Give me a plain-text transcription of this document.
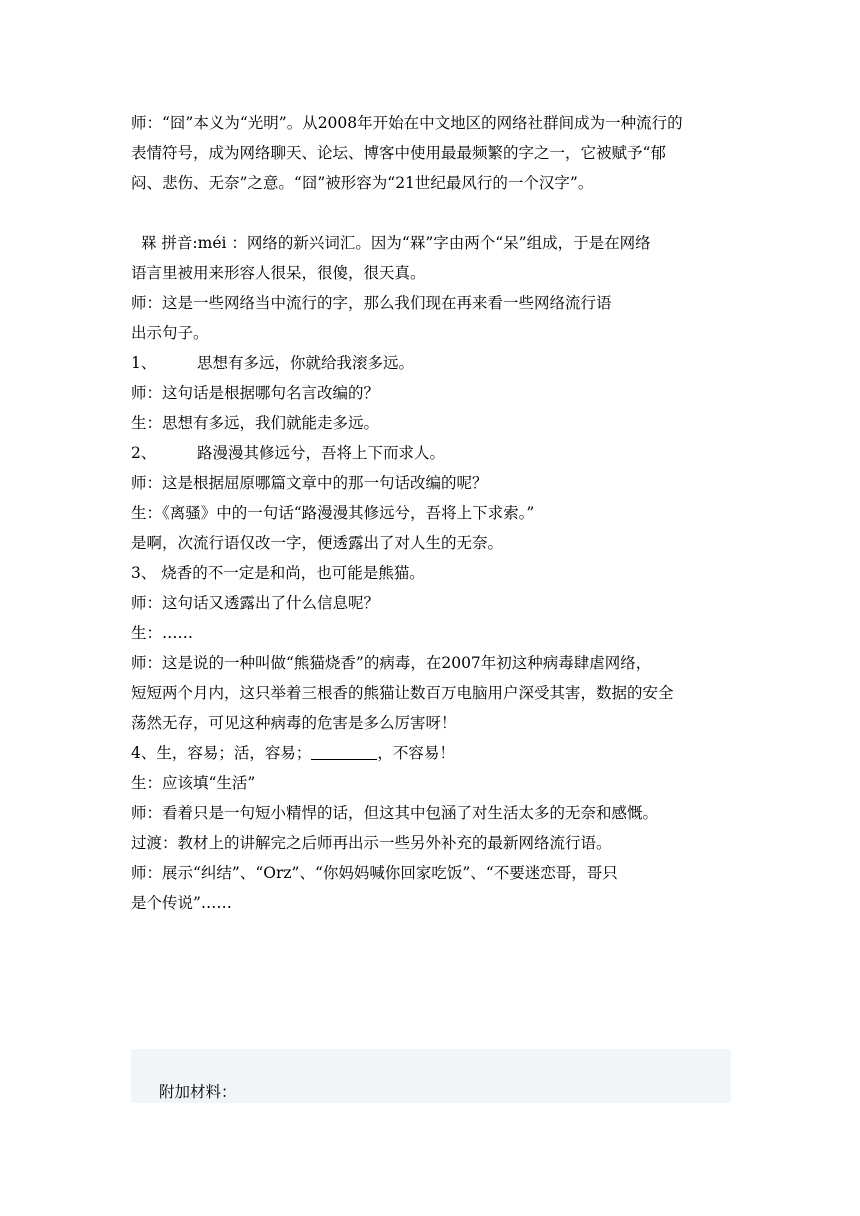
师：“囧”本义为“光明”。从2008年开始在中文地区的网络社群间成为一种流行的
表情符号，成为网络聊天、论坛、博客中使用最最频繁的字之一，它被赋予“郁
闷、悲伤、无奈”之意。“囧”被形容为“21世纪最风行的一个汉字”。
槑 拼音:méi ：网络的新兴词汇。因为“槑”字由两个“呆”组成，于是在网络
语言里被用来形容人很呆，很傻，很天真。
师：这是一些网络当中流行的字，那么我们现在再来看一些网络流行语
出示句子。
1、	思想有多远，你就给我滚多远。
师：这句话是根据哪句名言改编的？
生：思想有多远，我们就能走多远。
2、	路漫漫其修远兮，吾将上下而求人。
师：这是根据屈原哪篇文章中的那一句话改编的呢？
生：《离骚》中的一句话“路漫漫其修远兮，吾将上下求索。”
是啊，次流行语仅改一字，便透露出了对人生的无奈。
3、 烧香的不一定是和尚，也可能是熊猫。
师：这句话又透露出了什么信息呢？
生：……
师：这是说的一种叫做“熊猫烧香”的病毒，在2007年初这种病毒肆虐网络，
短短两个月内，这只举着三根香的熊猫让数百万电脑用户深受其害，数据的安全
荡然无存，可见这种病毒的危害是多么厉害呀！
4、生，容易；活，容易；	，不容易！
生：应该填“生活”
师：看着只是一句短小精悍的话，但这其中包涵了对生活太多的无奈和感慨。
过渡：教材上的讲解完之后师再出示一些另外补充的最新网络流行语。
师：展示“纠结”、“Orz”、“你妈妈喊你回家吃饭”、“不要迷恋哥，哥只
是个传说”……
附加材料：
